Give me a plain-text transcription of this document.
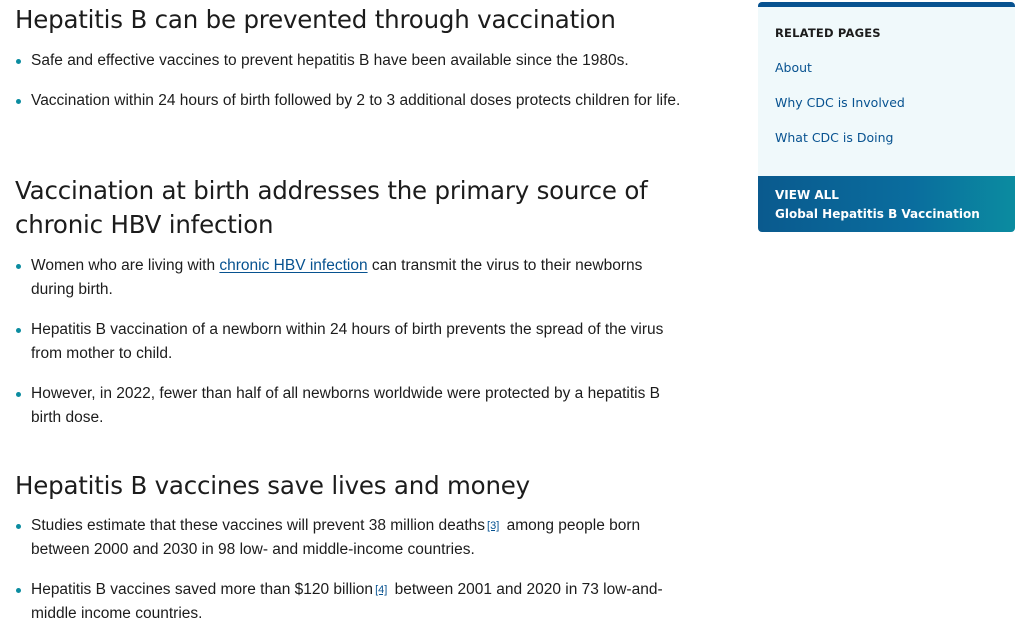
Hepatitis B can be prevented through vaccination
Safe and effective vaccines to prevent hepatitis B have been available since the 1980s.
Vaccination within 24 hours of birth followed by 2 to 3 additional doses protects children for life.
Vaccination at birth addresses the primary source of chronic HBV infection
Women who are living with chronic HBV infection can transmit the virus to their newborns during birth.
Hepatitis B vaccination of a newborn within 24 hours of birth prevents the spread of the virus from mother to child.
However, in 2022, fewer than half of all newborns worldwide were protected by a hepatitis B birth dose.
Hepatitis B vaccines save lives and money
Studies estimate that these vaccines will prevent 38 million deaths [3] among people born between 2000 and 2030 in 98 low- and middle-income countries.
Hepatitis B vaccines saved more than $120 billion [4] between 2001 and 2020 in 73 low-and-middle income countries.
RELATED PAGES
About
Why CDC is Involved
What CDC is Doing
VIEW ALL
Global Hepatitis B Vaccination
